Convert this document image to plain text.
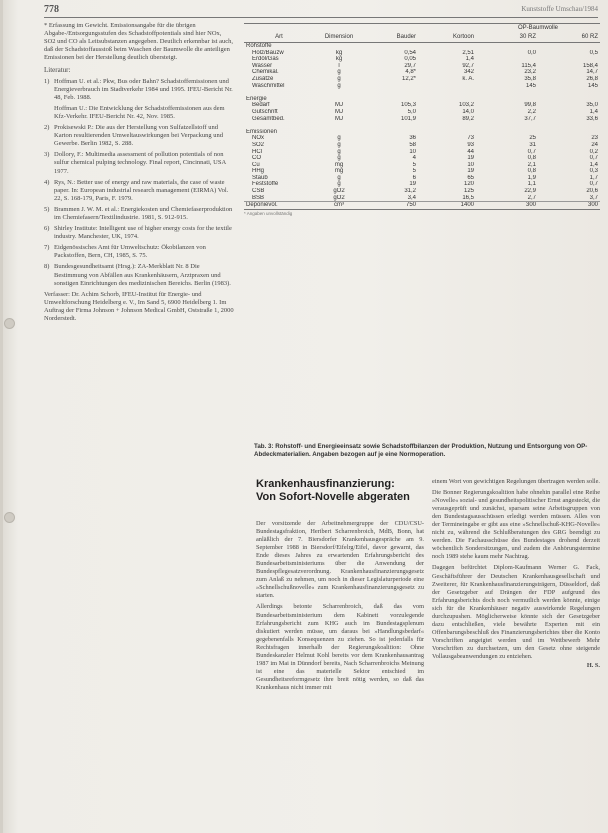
778	Kunststoffe Umschau/1984

* Erfassung im Gewicht. Emissionsangabe für die übrigen Abgabe-/Entsorgungsstufen des Schadstoffpotentials sind hier NOx, SO2 und CO als Leitsubstanzen angegeben. Deutlich erkennbar ist auch, daß der Schadstoffausstoß beim Waschen der Baumwolle die anteiligen Emissionen bei der Herstellung deutlich übersteigt.

Literatur:
1) Hoffman U. et al.: Pkw, Bus oder Bahn? Schadstoffemissionen und Energieverbrauch im Stadtverkehr 1984 und 1995. IFEU-Bericht Nr. 48, Feb. 1988.
Hoffman U.: Die Entwicklung der Schadstoffemissionen aus dem Kfz-Verkehr. IFEU-Bericht Nr. 42, Nov. 1985.
2) Prokisewski P.: Die aus der Herstellung von Sulfatzellstoff und Karton resultierenden Umweltauswirkungen bei Verpackung und Gewerbe. Berlin 1982, S. 288.
3) Dollory, F.: Multimedia assessment of pollution potentials of non sulfur chemical pulping technology. Final report, Cincinnati, USA 1977.
4) Rys, N.: Better use of energy and raw materials, the case of waste paper. In: European industrial research management (EIRMA) Vol. 22, S. 168-179, Paris, F. 1979.
5) Brammen J. W. M. et al.: Energiekosten und Chemiefaserproduktion im Chemiefasern/Textilindustrie. 1981, S. 912-915.
6) Shirley Institute: Intelligent use of higher energy costs for the textile industry. Manchester, UK, 1974.
7) Eidgenössisches Amt für Umweltschutz: Ökobilanzen von Packstoffen, Bern, CH, 1985, S. 75.
8) Bundesgesundheitsamt (Hrsg.): ZA-Merkblatt Nr. 8 Die Bestimmung von Abfällen aus Krankenhäusern, Arztpraxen und sonstigen Einrichtungen des medizinischen Bereichs. Berlin (1983).

Verfasser: Dr. Achim Schorb, IFEU-Institut für Energie- und Umweltforschung Heidelberg e. V., Im Sand 5, 6900 Heidelberg 1. Im Auftrag der Firma Johnson + Johnson Medical GmbH, Oststraße 1, 2000 Norderstedt.

				OP-Baumwolle	
Art	Dimension	Bauder	Kortoon	30 RZ	60 RZ
Rohstoffe					
Holz/Bauzw	kg	0,54	2,51	0,0	0,5
Erdöl/Gas	kg	0,05	1,4		
Wasser	l	29,7	92,7	115,4	158,4
Chemikal.	g	4,8*	342	23,2	14,7
Zusätze	g	12,2*	k. A.	35,8	26,8
Waschmittel	g			145	145

Energie					
Bedarf	MJ	105,3	103,2	99,8	35,0
Gutschrift	MJ	5,0	14,0	2,2	1,4
Gesamtbed.	MJ	101,9	89,2	37,7	33,6

Emissionen					
NOx	g	36	73	25	23
SO2	g	58	93	31	24
HCl	g	10	44	0,7	0,2
CO	g	4	19	0,8	0,7
Cu	mg	5	10	2,1	1,4
HHg	mg	5	19	0,8	0,3
Staub	g	6	65	1,9	1,7
Feststoffe	g	19	120	1,1	0,7
CSB	gO2	31,2	125	22,9	20,6
BSB	gO2	3,4	16,5	2,7	3,7
Deponievol.	cm³	750	1400	300	300
* Angaben unvollständig
Tab. 3: Rohstoff- und Energieeinsatz sowie Schadstoffbilanzen der Produktion, Nutzung und Entsorgung von OP-Abdeckmaterialien. Angaben bezogen auf je eine Normoperation.
Krankenhausfinanzierung:
Von Sofort-Novelle abgeraten

Der vorsitzende der Arbeitnehmergruppe der CDU/CSU-Bundestagsfraktion, Heribert Scharrenbroich, MdB, Bonn, hat anläßlich der 7. Biersdorfer Krankenhausgespräche am 9. September 1988 in Biersdorf/Eifelrg/Eifel, davor gewarnt, das Ende dieses Jahres zu erwartenden Erfahrungsbericht des Bundesarbeitsministeriums über die Anwendung der Bundespflegesatzverordnung. Krankenhausfinanzierungsgesetz zum Anlaß zu nehmen, um noch in dieser Legislaturperiode eine »Schnellschußnovelle« zum Krankenhausfinanzierungsgesetz zu starten.

Allerdings betonte Scharrenbroich, daß das vom Bundesarbeitsministerium dem Kabinett vorzulegende Erfahrungsbericht zum KHG auch im Bundestagsplenum diskutiert werden müsse, um daraus bei »Handlungsbedarf« gegebenenfalls Konsequenzen zu ziehen. So ist jedenfalls für Rechtsfragen innerhalb der Regierungskoalition: Ohne Bundeskanzler Helmut Kohl bereits vor dem Krankenhausantrag 1987 im Mai in Dünndorf bereits, Nach Scharrenbroichs Meinung ist eine das materielle Sektor entschied im Gesundheitsreformgesetz ihre breit nötig werden, so daß das Krankenhaus nicht immer mit

einem Wort von gewichtigen Regelungen übertragen werden solle.

Die Bonner Regierungskoalition habe ohnehin parallel eine Reihe »Novelle« sozial- und gesundheitspolitischer Ernst angesteckt, die verausgeprüft und zunächst, sparsam seine Arbeitsgruppen von den Bundestagsausschüssen erledigt werden müssen. Alles von der Termineingabe er gibt aus eine »Schnellschuß-KHG-Novelle« nicht zu, während die Schlußberatungen des GRG beendigt zu werden. Die Fachausschüsse des Bundestages drohend derzeit wöchentlich Sondersitzungen, und zudem die Anhörungstermine noch 1989 stehe kaum mehr Nachtrag.

Dagegen befürchtet Diplom-Kaufmann Werner G. Fack, Geschäftsführer der Deutschen Krankenhausgesellschaft und Zweiterer, für Krankenhausfinanzierungsträgern, Düsseldorf, daß der Gesetzgeber auf Drängen der FDP aufgrund des Erfahrungsberichts doch noch vermutlich werden könnte, einige sich für die Krankenhäuser negativ auswirkende Regelungen durchzupushen. Möglicherweise könnte sich der Gesetzgeber dazu entschließen, viele bewährte Experten mit ein Offenbarungsbeschluß des Finanzierungsberichtes über die Konto Vorschriften angeigtet werden und im Wettbewerb Mehr Vorschriften zu durchsetzen, um den Gesetz ohne steigende Vollausgabeanwendungen zu entziehen.

H. S.
